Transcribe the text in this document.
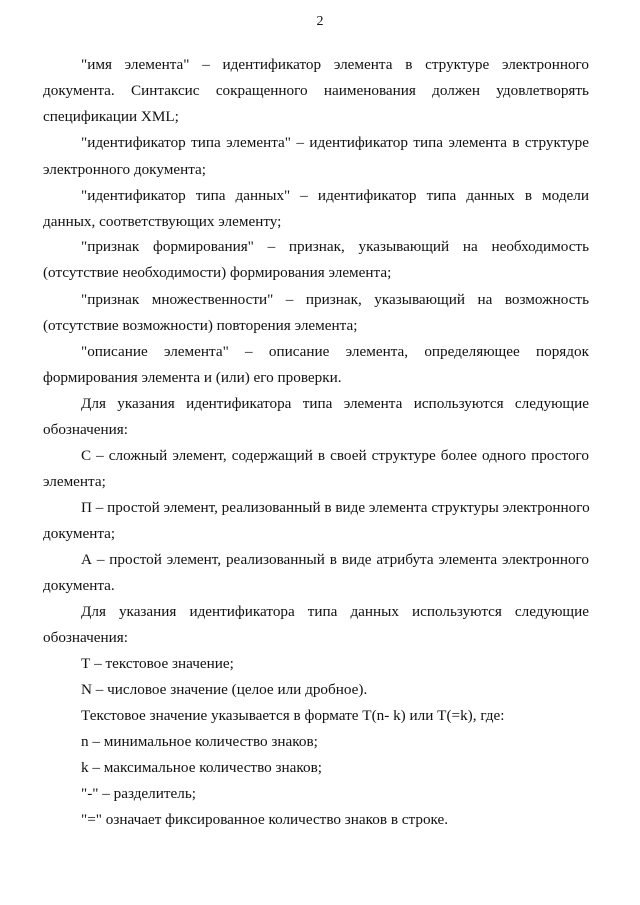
2
"имя элемента" – идентификатор элемента в структуре электронного
документа. Синтаксис сокращенного наименования должен удовлетворять
спецификации XML;
"идентификатор типа элемента" – идентификатор типа элемента в структуре
электронного документа;
"идентификатор типа данных" – идентификатор типа данных в модели
данных, соответствующих элементу;
"признак формирования" – признак, указывающий на необходимость
(отсутствие необходимости) формирования элемента;
"признак множественности" – признак, указывающий на возможность
(отсутствие возможности) повторения элемента;
"описание элемента" – описание элемента, определяющее порядок
формирования элемента и (или) его проверки.
Для указания идентификатора типа элемента используются следующие
обозначения:
С – сложный элемент, содержащий в своей структуре более одного простого
элемента;
П – простой элемент, реализованный в виде элемента структуры электронного
документа;
А – простой элемент, реализованный в виде атрибута элемента электронного
документа.
Для указания идентификатора типа данных используются следующие
обозначения:
Т – текстовое значение;
N – числовое значение (целое или дробное).
Текстовое значение указывается в формате T(n- k) или T(=k), где:
n – минимальное количество знаков;
k – максимальное количество знаков;
"-" – разделитель;
"=" означает фиксированное количество знаков в строке.
